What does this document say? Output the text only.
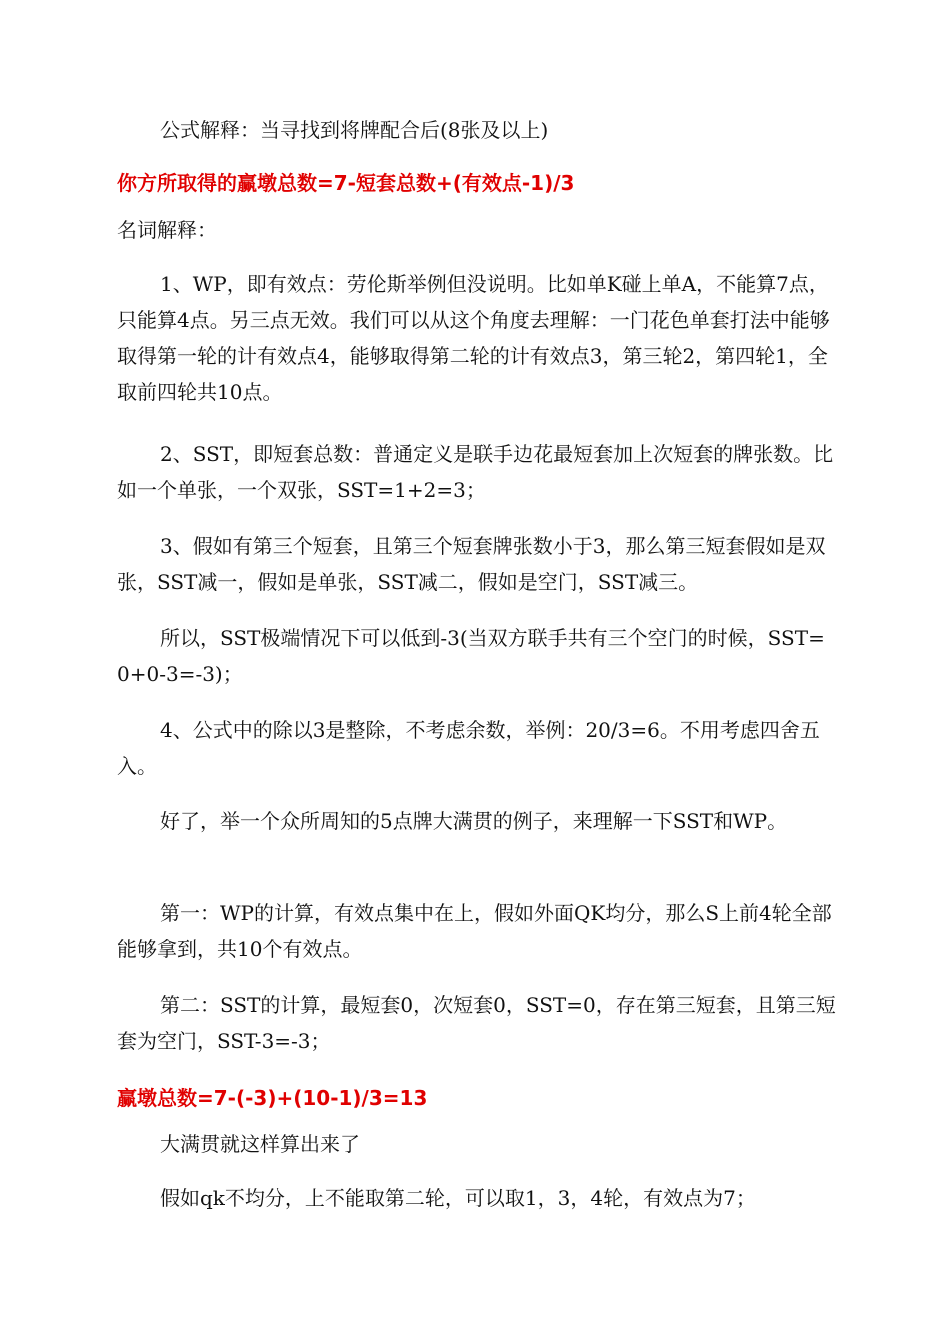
公式解释：当寻找到将牌配合后(8张及以上)

你方所取得的赢墩总数=7-短套总数+(有效点-1)/3

名词解释：

1、WP，即有效点：劳伦斯举例但没说明。比如单K碰上单A，不能算7点，只能算4点。另三点无效。我们可以从这个角度去理解：一门花色单套打法中能够取得第一轮的计有效点4，能够取得第二轮的计有效点3，第三轮2，第四轮1，全取前四轮共10点。

2、SST，即短套总数：普通定义是联手边花最短套加上次短套的牌张数。比如一个单张，一个双张，SST=1+2=3；

3、假如有第三个短套，且第三个短套牌张数小于3，那么第三短套假如是双张，SST减一，假如是单张，SST减二，假如是空门，SST减三。

所以，SST极端情况下可以低到-3(当双方联手共有三个空门的时候，SST=0+0-3=-3)；

4、公式中的除以3是整除，不考虑余数，举例：20/3=6。不用考虑四舍五入。

好了，举一个众所周知的5点牌大满贯的例子，来理解一下SST和WP。

第一：WP的计算，有效点集中在上，假如外面QK均分，那么S上前4轮全部能够拿到，共10个有效点。

第二：SST的计算，最短套0，次短套0，SST=0，存在第三短套，且第三短套为空门，SST-3=-3；

赢墩总数=7-(-3)+(10-1)/3=13

大满贯就这样算出来了

假如qk不均分，上不能取第二轮，可以取1，3，4轮，有效点为7；
